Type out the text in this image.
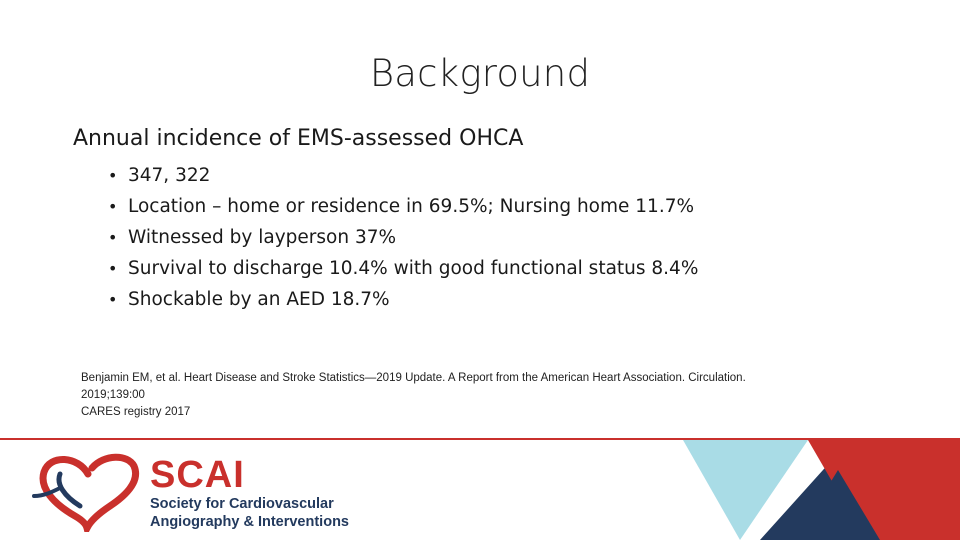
Background
Annual incidence of EMS-assessed OHCA
• 347, 322
• Location – home or residence in 69.5%; Nursing home 11.7%
• Witnessed by layperson 37%
• Survival to discharge 10.4% with good functional status 8.4%
• Shockable by an AED 18.7%
Benjamin EM, et al. Heart Disease and Stroke Statistics—2019 Update. A Report from the American Heart Association. Circulation.
2019;139:00
CARES registry 2017
SCAI
Society for Cardiovascular
Angiography & Interventions
